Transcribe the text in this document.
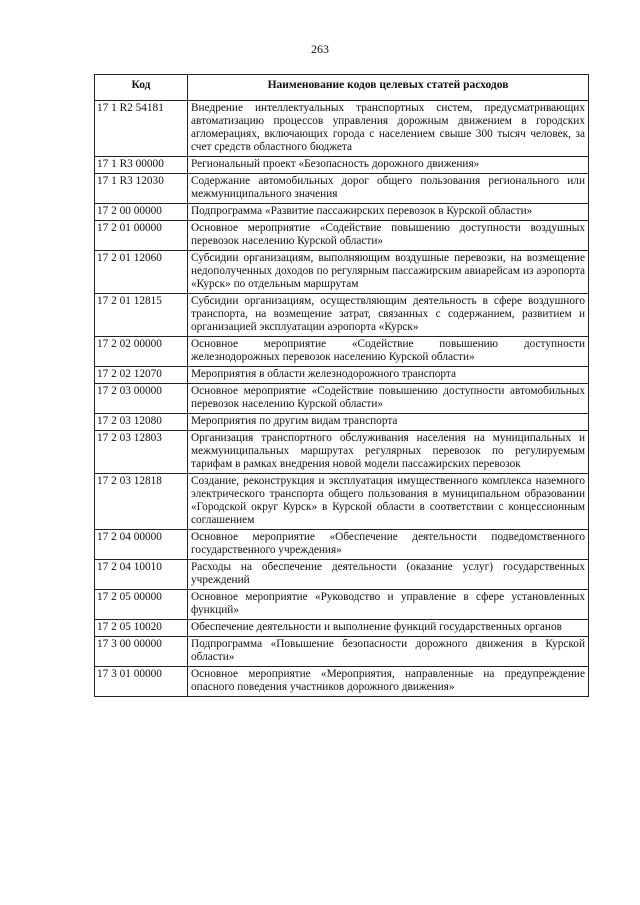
263
Код	Наименование кодов целевых статей расходов
17 1 R2 54181	Внедрение интеллектуальных транспортных систем, предусматривающих автоматизацию процессов управления дорожным движением в городских агломерациях, включающих города с населением свыше 300 тысяч человек, за счет средств областного бюджета
17 1 R3 00000	Региональный проект «Безопасность дорожного движения»
17 1 R3 12030	Содержание автомобильных дорог общего пользования регионального или межмуниципального значения
17 2 00 00000	Подпрограмма «Развитие пассажирских перевозок в Курской области»
17 2 01 00000	Основное мероприятие «Содействие повышению доступности воздушных перевозок населению Курской области»
17 2 01 12060	Субсидии организациям, выполняющим воздушные перевозки, на возмещение недополученных доходов по регулярным пассажирским авиарейсам из аэропорта «Курск» по отдельным маршрутам
17 2 01 12815	Субсидии организациям, осуществляющим деятельность в сфере воздушного транспорта, на возмещение затрат, связанных с содержанием, развитием и организацией эксплуатации аэропорта «Курск»
17 2 02 00000	Основное мероприятие «Содействие повышению доступности железнодорожных перевозок населению Курской области»
17 2 02 12070	Мероприятия в области железнодорожного транспорта
17 2 03 00000	Основное мероприятие «Содействие повышению доступности автомобильных перевозок населению Курской области»
17 2 03 12080	Мероприятия по другим видам транспорта
17 2 03 12803	Организация транспортного обслуживания населения на муниципальных и межмуниципальных маршрутах регулярных перевозок по регулируемым тарифам в рамках внедрения новой модели пассажирских перевозок
17 2 03 12818	Создание, реконструкция и эксплуатация имущественного комплекса наземного электрического транспорта общего пользования в муниципальном образовании «Городской округ Курск» в Курской области в соответствии с концессионным соглашением
17 2 04 00000	Основное мероприятие «Обеспечение деятельности подведомственного государственного учреждения»
17 2 04 10010	Расходы на обеспечение деятельности (оказание услуг) государственных учреждений
17 2 05 00000	Основное мероприятие «Руководство и управление в сфере установленных функций»
17 2 05 10020	Обеспечение деятельности и выполнение функций государственных органов
17 3 00 00000	Подпрограмма «Повышение безопасности дорожного движения в Курской области»
17 3 01 00000	Основное мероприятие «Мероприятия, направленные на предупреждение опасного поведения участников дорожного движения»
